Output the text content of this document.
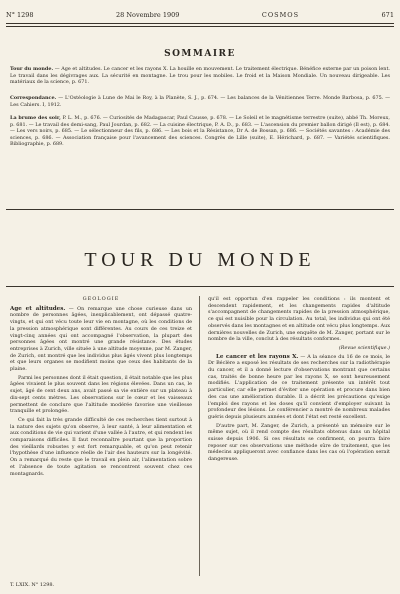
N° 1298	28 Novembre 1909	COSMOS	671
SOMMAIRE
Tour du monde. — Age et altitudes. Le cancer et les rayons X. La houille en mouvement. Le traitement électrique. Bénéfice externe par un poison lent. Le travail dans les dégivrages aux. La sécurité en montagne. Le trou pour les mobiles. Le froid et la Maison Mondiale. Un nouveau dirigeable. Les matériaux de la science, p. 671.
Correspondance. — L'Ostéologie à Lune de Mai le Roy, à la Planète, S. J., p. 674. — Les balances de la Vénitiennes Terre. Monde Barbosa, p. 675. — Les Cahiers. I, 1912.
La brume des soir, P. L. M., p. 676. — Curiosités de Madagascar, Paul Causse, p. 678. — Le Soleil et le magnétisme terrestre (suite), abbé Th. Moreux, p. 681. — Le travail des demi-sang, Paul Jourdan, p. 682. — La cuisine électrique, P. A. D., p. 683. — L'ascension du premier ballon dirigé (Il est), p. 684. — Les vers noirs, p. 685. — Le sélectionneur des fils, p. 686. — Les bois et la Résistance, Dr A. de Bossan, p. 686. — Sociétés savantes : Académie des sciences, p. 686. — Association française pour l'avancement des sciences. Congrès de Lille (suite), E. Hérichard, p. 687. — Variétés scientifiques. Bibliographie, p. 689.
TOUR DU MONDE
GÉOLOGIE

Age et altitudes. — On remarque une chose curieuse dans un nombre de personnes âgées, inexplicablement, ont dépassé quatre-vingts, et qui ont vécu toute leur vie en montagne, où les conditions de la pression atmosphérique sont différentes. Au cours de ces treize et vingt-cinq années qui ont accompagné l'observation, la plupart des personnes âgées ont montré une grande résistance. Des études entreprises à Zurich, ville située à une altitude moyenne, par M. Zanger, de Zurich, ont montré que les individus plus âgés vivent plus longtemps et que leurs organes se modifient moins que ceux des habitants de la plaine.

Parmi les personnes dont il était question, il était notable que les plus âgées vivaient le plus souvent dans les régions élevées. Dans un cas, le sujet, âgé de cent deux ans, avait passé sa vie entière sur un plateau à dix-sept cents mètres. Les observations sur le cœur et les vaisseaux permettent de conclure que l'altitude modérée favorise une vieillesse tranquille et prolongée.

Ce qui fait la très grande difficulté de ces recherches tient surtout à la nature des sujets qu'on observe, à leur santé, à leur alimentation et aux conditions de vie qui varient d'une vallée à l'autre, et qui rendent les comparaisons difficiles. Il faut reconnaître pourtant que la proportion des vieillards robustes y est fort remarquable, et qu'on peut retenir l'hypothèse d'une influence réelle de l'air des hauteurs sur la longévité. On a remarqué du reste que le travail en plein air, l'alimentation sobre et l'absence de toute agitation se rencontrent souvent chez ces montagnards.

qu'il est opportun d'en rappeler les conditions : ils montent et descendent rapidement, et les changements rapides d'altitude s'accompagnent de changements rapides de la pression atmosphérique, ce qui est nuisible pour la circulation. Au total, les individus qui ont été observés dans les montagnes et en altitude ont vécu plus longtemps. Aux dernières nouvelles de Zurich, une enquête de M. Zanger, portant sur le nombre de la ville, conclut à des résultats conformes.

(Revue scientifique.)

Le cancer et les rayons X. — A la séance du 16 de ce mois, le Dr Béclère a exposé les résultats de ses recherches sur la radiothérapie du cancer, et il a donné lecture d'observations montrant que certains cas, traités de bonne heure par les rayons X, se sont heureusement modifiés. L'application de ce traitement présente un intérêt tout particulier, car elle permet d'éviter une opération et procure dans bien des cas une amélioration durable. Il a décrit les précautions qu'exige l'emploi des rayons et les doses qu'il convient d'employer suivant la profondeur des lésions. Le conférencier a montré de nombreux malades guéris depuis plusieurs années et dont l'état est resté excellent.

D'autre part, M. Zanger, de Zurich, a présenté un mémoire sur le même sujet, où il rend compte des résultats obtenus dans un hôpital suisse depuis 1906. Si ces résultats se confirment, on pourra faire reposer sur ces observations une méthode sûre de traitement, que les médecins appliqueront avec confiance dans les cas où l'opération serait dangereuse.

T. LXIX. N° 1298.
